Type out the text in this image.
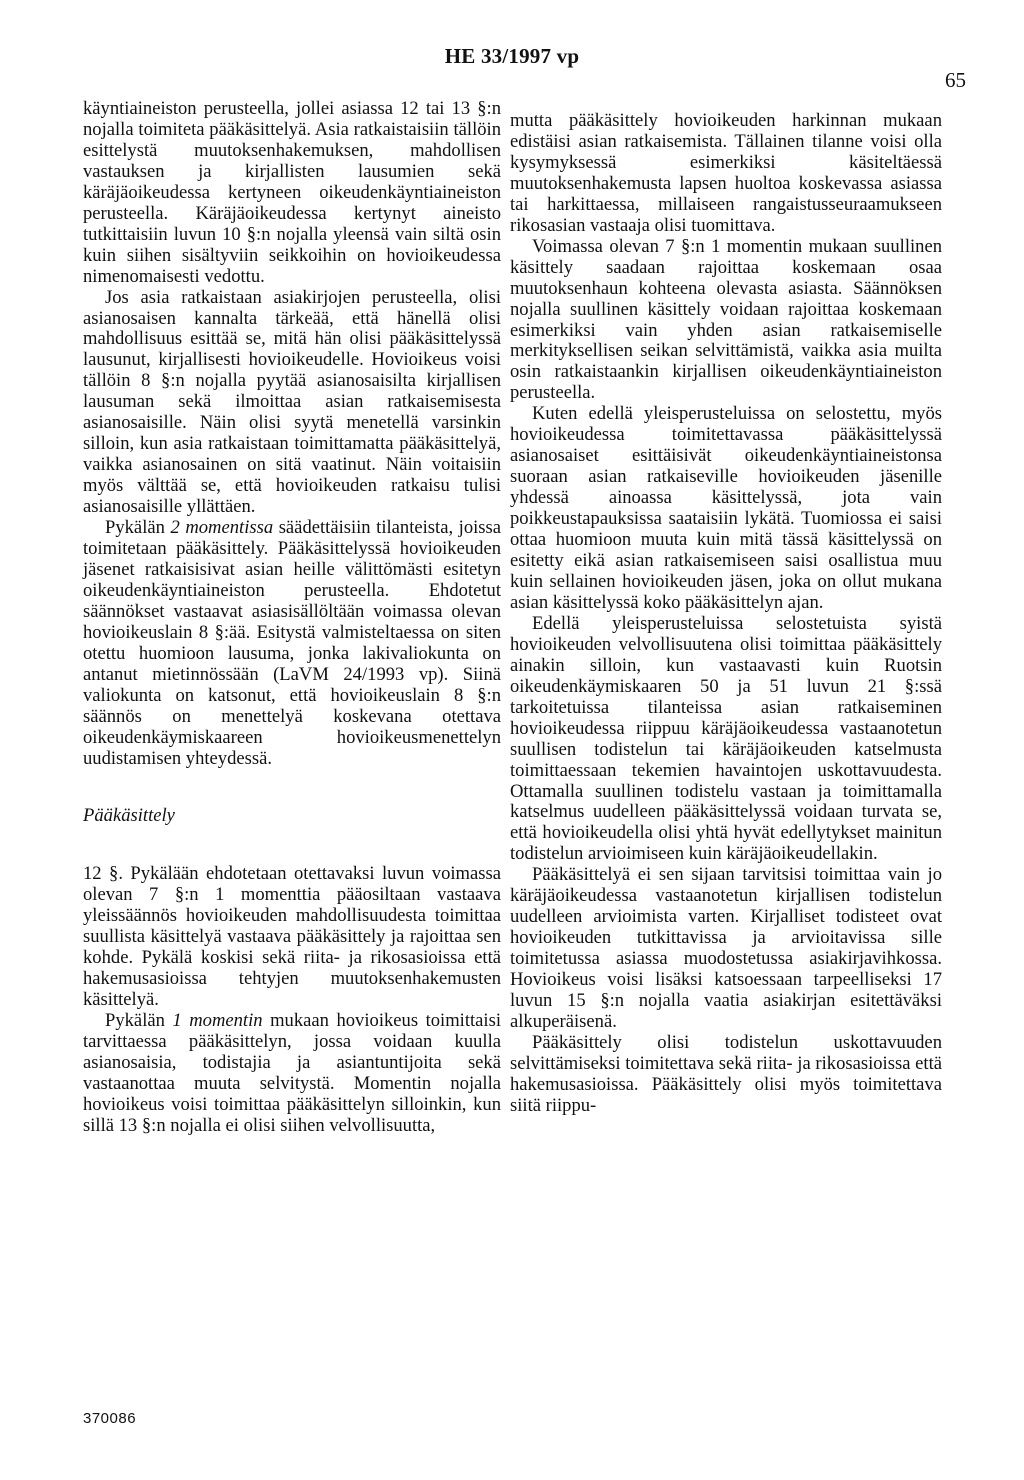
HE 33/1997 vp
65

käyntiaineiston perusteella, jollei asiassa 12 tai 13 §:n nojalla toimiteta pääkäsittelyä. Asia ratkaistaisiin tällöin esittelystä muutoksenhakemuksen, mahdollisen vastauksen ja kirjallisten lausumien sekä käräjäoikeudessa kertyneen oikeudenkäyntiaineiston perusteella. Käräjäoikeudessa kertynyt aineisto tutkittaisiin luvun 10 §:n nojalla yleensä vain siltä osin kuin siihen sisältyviin seikkoihin on hovioikeudessa nimenomaisesti vedottu.

Jos asia ratkaistaan asiakirjojen perusteella, olisi asianosaisen kannalta tärkeää, että hänellä olisi mahdollisuus esittää se, mitä hän olisi pääkäsittelyssä lausunut, kirjallisesti hovioikeudelle. Hovioikeus voisi tällöin 8 §:n nojalla pyytää asianosaisilta kirjallisen lausuman sekä ilmoittaa asian ratkaisemisesta asianosaisille. Näin olisi syytä menetellä varsinkin silloin, kun asia ratkaistaan toimittamatta pääkäsittelyä, vaikka asianosainen on sitä vaatinut. Näin voitaisiin myös välttää se, että hovioikeuden ratkaisu tulisi asianosaisille yllättäen.

Pykälän 2 momentissa säädettäisiin tilanteista, joissa toimitetaan pääkäsittely. Pääkäsittelyssä hovioikeuden jäsenet ratkaisisivat asian heille välittömästi esitetyn oikeudenkäyntiaineiston perusteella. Ehdotetut säännökset vastaavat asiasisällöltään voimassa olevan hovioikeuslain 8 §:ää. Esitystä valmisteltaessa on siten otettu huomioon lausuma, jonka lakivaliokunta on antanut mietinnössään (LaVM 24/1993 vp). Siinä valiokunta on katsonut, että hovioikeuslain 8 §:n säännös on menettelyä koskevana otettava oikeudenkäymiskaareen hovioikeusmenettelyn uudistamisen yhteydessä.

Pääkäsittely

12 §. Pykälään ehdotetaan otettavaksi luvun voimassa olevan 7 §:n 1 momenttia pääosiltaan vastaava yleissäännös hovioikeuden mahdollisuudesta toimittaa suullista käsittelyä vastaava pääkäsittely ja rajoittaa sen kohde. Pykälä koskisi sekä riita- ja rikosasioissa että hakemusasioissa tehtyjen muutoksenhakemusten käsittelyä.

Pykälän 1 momentin mukaan hovioikeus toimittaisi tarvittaessa pääkäsittelyn, jossa voidaan kuulla asianosaisia, todistajia ja asiantuntijoita sekä vastaanottaa muuta selvitystä. Momentin nojalla hovioikeus voisi toimittaa pääkäsittelyn silloinkin, kun sillä 13 §:n nojalla ei olisi siihen velvollisuutta,

mutta pääkäsittely hovioikeuden harkinnan mukaan edistäisi asian ratkaisemista. Tällainen tilanne voisi olla kysymyksessä esimerkiksi käsiteltäessä muutoksenhakemusta lapsen huoltoa koskevassa asiassa tai harkittaessa, millaiseen rangaistusseuraamukseen rikosasian vastaaja olisi tuomittava.

Voimassa olevan 7 §:n 1 momentin mukaan suullinen käsittely saadaan rajoittaa koskemaan osaa muutoksenhaun kohteena olevasta asiasta. Säännöksen nojalla suullinen käsittely voidaan rajoittaa koskemaan esimerkiksi vain yhden asian ratkaisemiselle merkityksellisen seikan selvittämistä, vaikka asia muilta osin ratkaistaankin kirjallisen oikeudenkäyntiaineiston perusteella.

Kuten edellä yleisperusteluissa on selostettu, myös hovioikeudessa toimitettavassa pääkäsittelyssä asianosaiset esittäisivät oikeudenkäyntiaineistonsa suoraan asian ratkaiseville hovioikeuden jäsenille yhdessä ainoassa käsittelyssä, jota vain poikkeustapauksissa saataisiin lykätä. Tuomiossa ei saisi ottaa huomioon muuta kuin mitä tässä käsittelyssä on esitetty eikä asian ratkaisemiseen saisi osallistua muu kuin sellainen hovioikeuden jäsen, joka on ollut mukana asian käsittelyssä koko pääkäsittelyn ajan.

Edellä yleisperusteluissa selostetuista syistä hovioikeuden velvollisuutena olisi toimittaa pääkäsittely ainakin silloin, kun vastaavasti kuin Ruotsin oikeudenkäymiskaaren 50 ja 51 luvun 21 §:ssä tarkoitetuissa tilanteissa asian ratkaiseminen hovioikeudessa riippuu käräjäoikeudessa vastaanotetun suullisen todistelun tai käräjäoikeuden katselmusta toimittaessaan tekemien havaintojen uskottavuudesta. Ottamalla suullinen todistelu vastaan ja toimittamalla katselmus uudelleen pääkäsittelyssä voidaan turvata se, että hovioikeudella olisi yhtä hyvät edellytykset mainitun todistelun arvioimiseen kuin käräjäoikeudellakin.

Pääkäsittelyä ei sen sijaan tarvitsisi toimittaa vain jo käräjäoikeudessa vastaanotetun kirjallisen todistelun uudelleen arvioimista varten. Kirjalliset todisteet ovat hovioikeuden tutkittavissa ja arvioitavissa sille toimitetussa asiassa muodostetussa asiakirjavihkossa. Hovioikeus voisi lisäksi katsoessaan tarpeelliseksi 17 luvun 15 §:n nojalla vaatia asiakirjan esitettäväksi alkuperäisenä.

Pääkäsittely olisi todistelun uskottavuuden selvittämiseksi toimitettava sekä riita- ja rikosasioissa että hakemusasioissa. Pääkäsittely olisi myös toimitettava siitä riippu-

370086
